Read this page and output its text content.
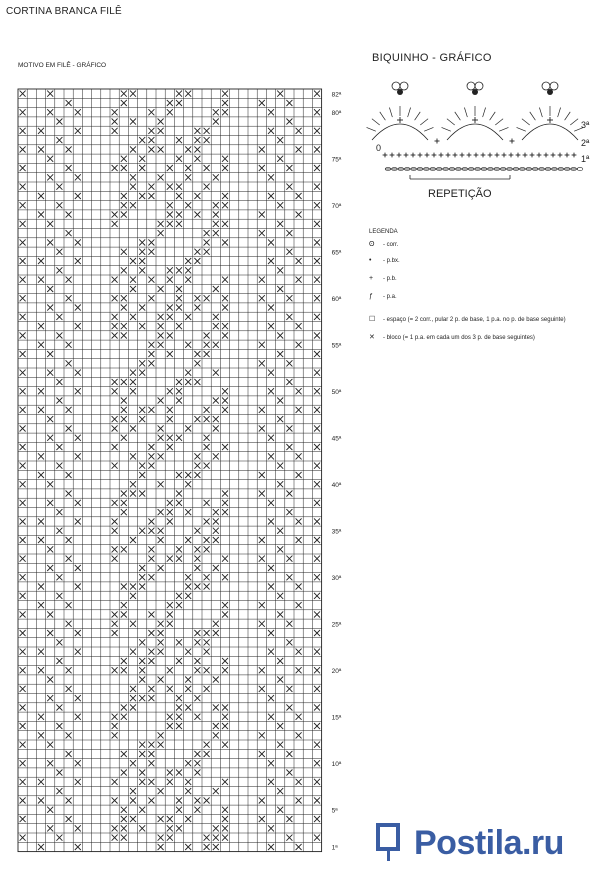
CORTINA BRANCA FILÊ
MOTIVO EM FILÊ - GRÁFICO
BIQUINHO - GRÁFICO
82ª
80ª
75ª
70ª
65ª
60ª
55ª
50ª
45ª
40ª
35ª
30ª
25ª
20ª
15ª
10ª
5ª
1ª
3ª
2ª
1ª
0
REPETIÇÃO
LEGENDA
ʘ - corr.
• - p.bx.
+ - p.b.
ƒ - p.a.
☐ - espaço (= 2 corr., pular 2 p. de base, 1 p.a. no p. de base seguinte)
✕ - bloco (= 1 p.a. em cada um dos 3 p. de base seguintes)
Postila.ru
